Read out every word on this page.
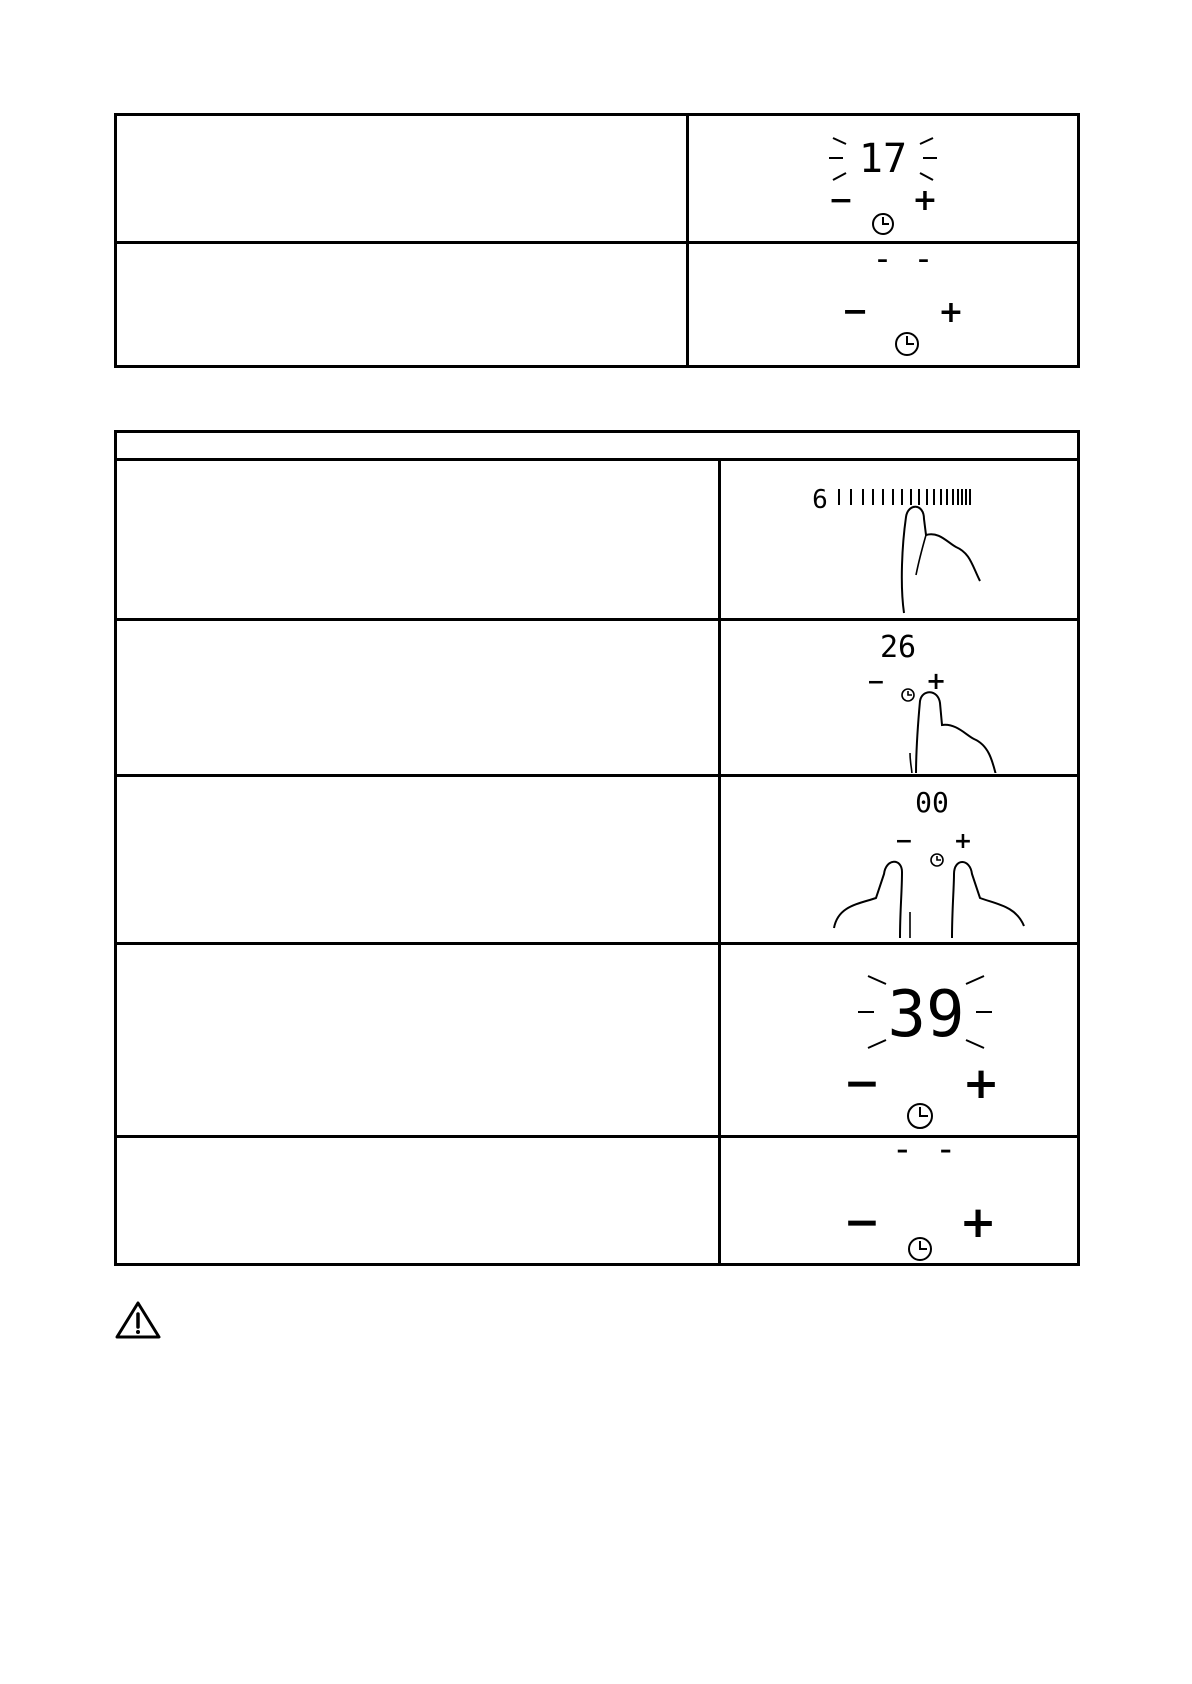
17
− +

- -
− +

6

26
− +

00
− +

39
− +

- -
− +
